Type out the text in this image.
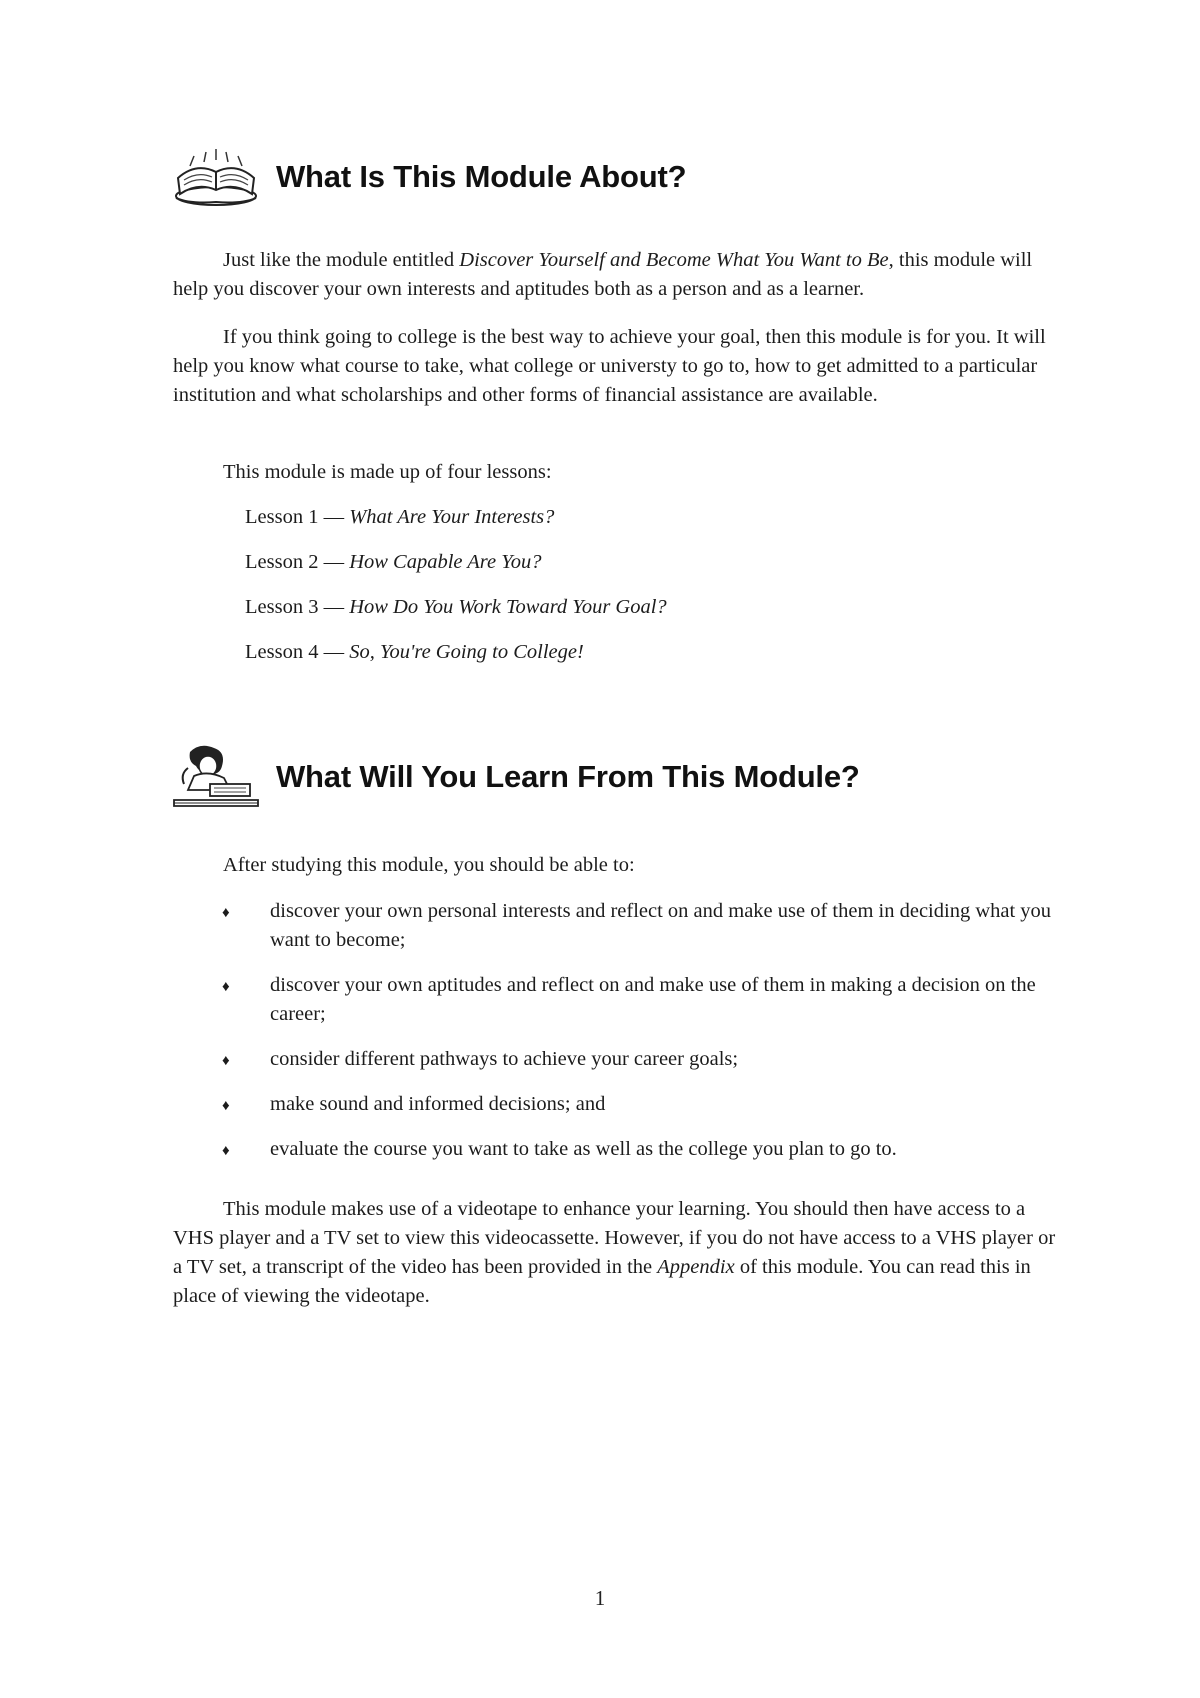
What Is This Module About?

Just like the module entitled Discover Yourself and Become What You Want to Be, this module will help you discover your own interests and aptitudes both as a person and as a learner.

If you think going to college is the best way to achieve your goal, then this module is for you. It will help you know what course to take, what college or universty to go to, how to get admitted to a particular institution and what scholarships and other forms of financial assistance are available.

This module is made up of four lessons:

Lesson 1 — What Are Your Interests?

Lesson 2 — How Capable Are You?

Lesson 3 — How Do You Work Toward Your Goal?

Lesson 4 — So, You're Going to College!

What Will You Learn From This Module?

After studying this module, you should be able to:

♦	discover your own personal interests and reflect on and make use of them in deciding what you want to become;
♦	discover your own aptitudes and reflect on and make use of them in making a decision on the career;
♦	consider different pathways to achieve your career goals;
♦	make sound and informed decisions; and
♦	evaluate the course you want to take as well as the college you plan to go to.

This module makes use of a videotape to enhance your learning. You should then have access to a VHS player and a TV set to view this videocassette. However, if you do not have access to a VHS player or a TV set, a transcript of the video has been provided in the Appendix of this module. You can read this in place of viewing the videotape.

1
